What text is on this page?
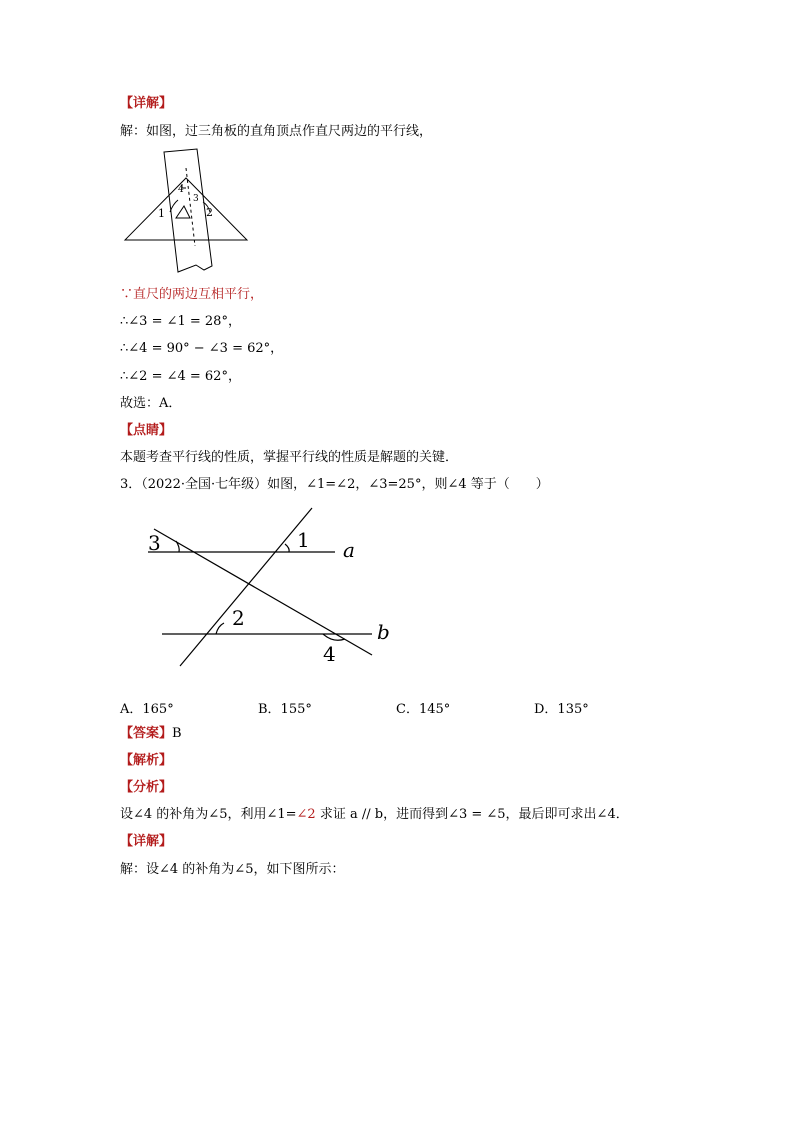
【详解】
解：如图，过三角板的直角顶点作直尺两边的平行线，
1	2
3
4
∵直尺的两边互相平行，
∴∠3 = ∠1 = 28°，
∴∠4 = 90° − ∠3 = 62°，
∴∠2 = ∠4 = 62°，
故选：A．
【点睛】
本题考查平行线的性质，掌握平行线的性质是解题的关键．
3．（2022·全国·七年级）如图，∠1=∠2，∠3=25°，则∠4 等于（　　）
3	1
2
4
a
b
A．165°	B．155°	C．145°	D．135°
【答案】B
【解析】
【分析】
设∠4 的补角为∠5，利用∠1=∠2 求证 a // b，进而得到∠3 = ∠5，最后即可求出∠4．
【详解】
解：设∠4 的补角为∠5，如下图所示：
